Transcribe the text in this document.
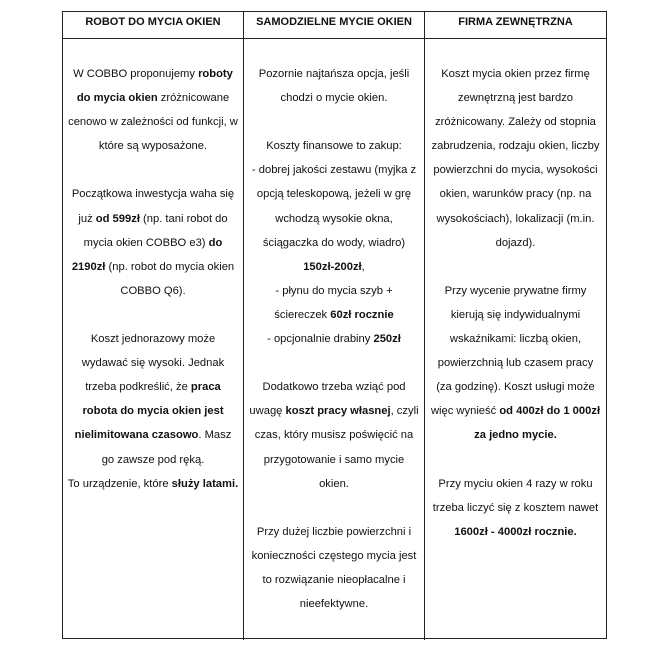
ROBOT DO MYCIA OKIEN	SAMODZIELNE MYCIE OKIEN	FIRMA ZEWNĘTRZNA

W COBBO proponujemy roboty do mycia okien zróżnicowane cenowo w zależności od funkcji, w które są wyposażone.

Początkowa inwestycja waha się już od 599zł (np. tani robot do mycia okien COBBO e3) do 2190zł (np. robot do mycia okien COBBO Q6).

Koszt jednorazowy może wydawać się wysoki. Jednak trzeba podkreślić, że praca robota do mycia okien jest nielimitowana czasowo. Masz go zawsze pod ręką.

To urządzenie, które służy latami.

Pozornie najtańsza opcja, jeśli chodzi o mycie okien.

Koszty finansowe to zakup:

- dobrej jakości zestawu (myjka z opcją teleskopową, jeżeli w grę wchodzą wysokie okna, ściągaczka do wody, wiadro) 150zł-200zł,

- płynu do mycia szyb + ściereczek 60zł rocznie

- opcjonalnie drabiny 250zł

Dodatkowo trzeba wziąć pod uwagę koszt pracy własnej, czyli czas, który musisz poświęcić na przygotowanie i samo mycie okien.

Przy dużej liczbie powierzchni i konieczności częstego mycia jest to rozwiązanie nieopłacalne i nieefektywne.

Koszt mycia okien przez firmę zewnętrzną jest bardzo zróżnicowany. Zależy od stopnia zabrudzenia, rodzaju okien, liczby powierzchni do mycia, wysokości okien, warunków pracy (np. na wysokościach), lokalizacji (m.in. dojazd).

Przy wycenie prywatne firmy kierują się indywidualnymi wskaźnikami: liczbą okien, powierzchnią lub czasem pracy (za godzinę). Koszt usługi może więc wynieść od 400zł do 1 000zł za jedno mycie.

Przy myciu okien 4 razy w roku trzeba liczyć się z kosztem nawet 1600zł - 4000zł rocznie.
